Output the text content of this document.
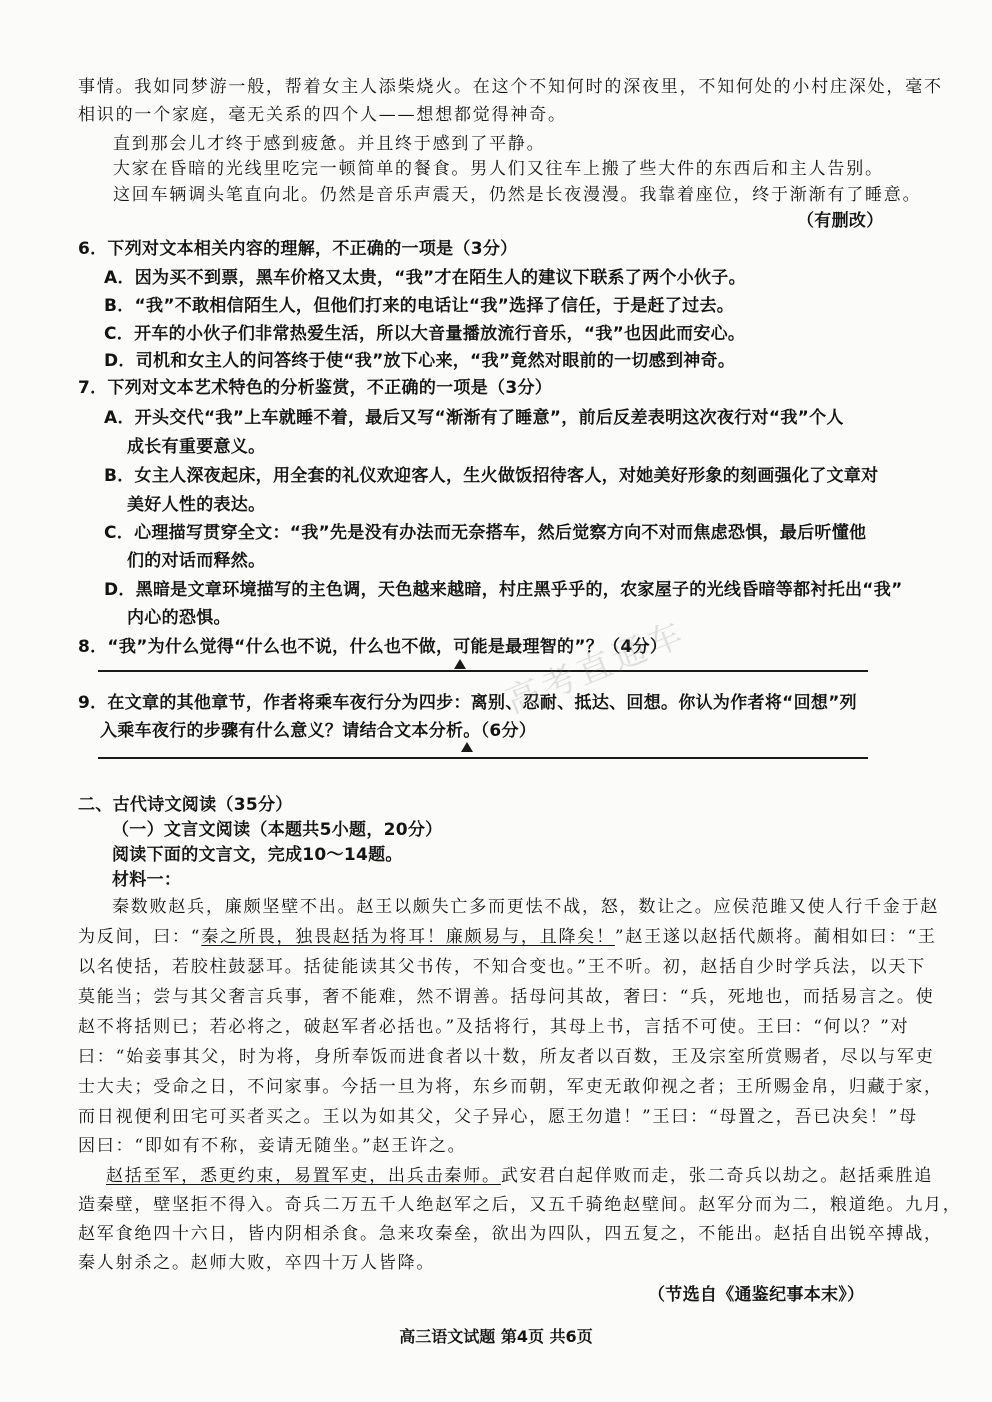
事情。我如同梦游一般，帮着女主人添柴烧火。在这个不知何时的深夜里，不知何处的小村庄深处，毫不
相识的一个家庭，毫无关系的四个人——想想都觉得神奇。
直到那会儿才终于感到疲惫。并且终于感到了平静。
大家在昏暗的光线里吃完一顿简单的餐食。男人们又往车上搬了些大件的东西后和主人告别。
这回车辆调头笔直向北。仍然是音乐声震天，仍然是长夜漫漫。我靠着座位，终于渐渐有了睡意。
（有删改）
6．下列对文本相关内容的理解，不正确的一项是（3分）
A．因为买不到票，黑车价格又太贵，“我”才在陌生人的建议下联系了两个小伙子。
B．“我”不敢相信陌生人，但他们打来的电话让“我”选择了信任，于是赶了过去。
C．开车的小伙子们非常热爱生活，所以大音量播放流行音乐，“我”也因此而安心。
D．司机和女主人的问答终于使“我”放下心来，“我”竟然对眼前的一切感到神奇。
7．下列对文本艺术特色的分析鉴赏，不正确的一项是（3分）
A．开头交代“我”上车就睡不着，最后又写“渐渐有了睡意”，前后反差表明这次夜行对“我”个人
成长有重要意义。
B．女主人深夜起床，用全套的礼仪欢迎客人，生火做饭招待客人，对她美好形象的刻画强化了文章对
美好人性的表达。
C．心理描写贯穿全文：“我”先是没有办法而无奈搭车，然后觉察方向不对而焦虑恐惧，最后听懂他
们的对话而释然。
D．黑暗是文章环境描写的主色调，天色越来越暗，村庄黑乎乎的，农家屋子的光线昏暗等都衬托出“我”
内心的恐惧。
8．“我”为什么觉得“什么也不说，什么也不做，可能是最理智的”？（4分）
9．在文章的其他章节，作者将乘车夜行分为四步：离别、忍耐、抵达、回想。你认为作者将“回想”列
入乘车夜行的步骤有什么意义？请结合文本分析。（6分）
二、古代诗文阅读（35分）
（一）文言文阅读（本题共5小题，20分）
阅读下面的文言文，完成10～14题。
材料一：
秦数败赵兵，廉颇坚壁不出。赵王以颇失亡多而更怯不战，怒，数让之。应侯范雎又使人行千金于赵
为反间，曰：“秦之所畏，独畏赵括为将耳！廉颇易与，且降矣！”赵王遂以赵括代颇将。蔺相如曰：“王
以名使括，若胶柱鼓瑟耳。括徒能读其父书传，不知合变也。”王不听。初，赵括自少时学兵法，以天下
莫能当；尝与其父奢言兵事，奢不能难，然不谓善。括母问其故，奢曰：“兵，死地也，而括易言之。使
赵不将括则已；若必将之，破赵军者必括也。”及括将行，其母上书，言括不可使。王曰：“何以？”对
曰：“始妾事其父，时为将，身所奉饭而进食者以十数，所友者以百数，王及宗室所赏赐者，尽以与军吏
士大夫；受命之日，不问家事。今括一旦为将，东乡而朝，军吏无敢仰视之者；王所赐金帛，归藏于家，
而日视便利田宅可买者买之。王以为如其父，父子异心，愿王勿遣！”王曰：“母置之，吾已决矣！”母
因曰：“即如有不称，妾请无随坐。”赵王许之。
赵括至军，悉更约束，易置军吏，出兵击秦师。武安君白起佯败而走，张二奇兵以劫之。赵括乘胜追
造秦壁，壁坚拒不得入。奇兵二万五千人绝赵军之后，又五千骑绝赵壁间。赵军分而为二，粮道绝。九月，
赵军食绝四十六日，皆内阴相杀食。急来攻秦垒，欲出为四队，四五复之，不能出。赵括自出锐卒搏战，
秦人射杀之。赵师大败，卒四十万人皆降。
（节选自《通鉴纪事本末》）
高三语文试题 第4页 共6页
高考直通车
